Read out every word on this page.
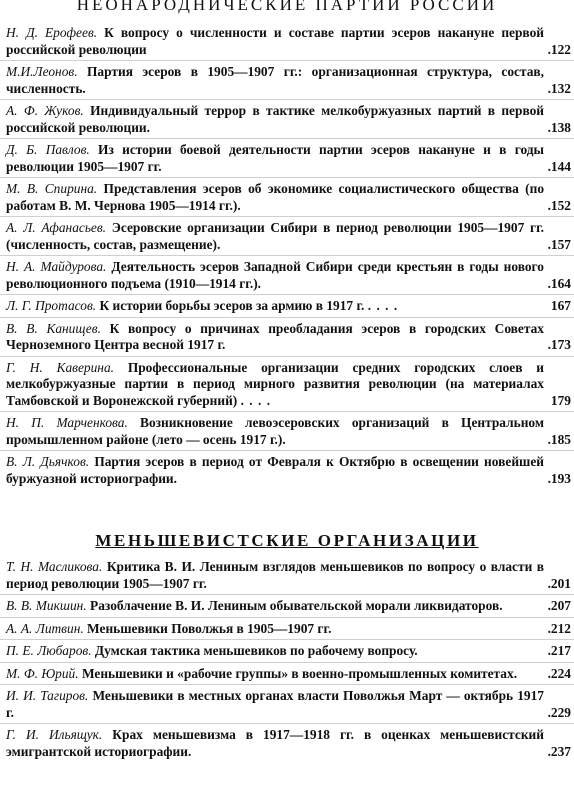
НЕОНАРОДНИЧЕСКИЕ ПАРТИИ РОССИИ
Н. Д. Ерофеев. К вопросу о численности и составе партии эсеров накануне первой российской революции	.122
М.И.Леонов. Партия эсеров в 1905—1907 гг.: организационная структура, состав, численность.	.132
А. Ф. Жуков. Индивидуальный террор в тактике мелкобуржуазных партий в первой российской революции.	.138
Д. Б. Павлов. Из истории боевой деятельности партии эсеров накануне и в годы революции 1905—1907 гг.	.144
М. В. Спирина. Представления эсеров об экономике социалистического общества (по работам В. М. Чернова 1905—1914 гг.).	.152
А. Л. Афанасьев. Эсеровские организации Сибири в период революции 1905—1907 гг. (численность, состав, размещение).	.157
Н. А. Майдурова. Деятельность эсеров Западной Сибири среди крестьян в годы нового революционного подъема (1910—1914 гг.).	.164
Л. Г. Протасов. К истории борьбы эсеров за армию в 1917 г. . . . .	167
В. В. Канищев. К вопросу о причинах преобладания эсеров в городских Советах Черноземного Центра весной 1917 г.	.173
Г. Н. Каверина. Профессиональные организации средних городских слоев и мелкобуржуазные партии в период мирного развития революции (на материалах Тамбовской и Воронежской губерний) . . . .	179
Н. П. Марченкова. Возникновение левоэсеровских организаций в Центральном промышленном районе (лето — осень 1917 г.).	.185
В. Л. Дьячков. Партия эсеров в период от Февраля к Октябрю в освещении новейшей буржуазной историографии.	.193
МЕНЬШЕВИСТСКИЕ ОРГАНИЗАЦИИ
Т. Н. Масликова. Критика В. И. Лениным взглядов меньшевиков по вопросу о власти в период революции 1905—1907 гг.	.201
В. В. Микшин. Разоблачение В. И. Лениным обывательской морали ликвидаторов.	.207
А. А. Литвин. Меньшевики Поволжья в 1905—1907 гг.	.212
П. Е. Любаров. Думская тактика меньшевиков по рабочему вопросу.	.217
М. Ф. Юрий. Меньшевики и «рабочие группы» в военно-промышленных комитетах. .224
И. И. Тагиров. Меньшевики в местных органах власти Поволжья Март — октябрь 1917 г.	.229
Г. И. Ильящук. Крах меньшевизма в 1917—1918 гг. в оценках меньшевистский эмигрантской историографии.	.237
